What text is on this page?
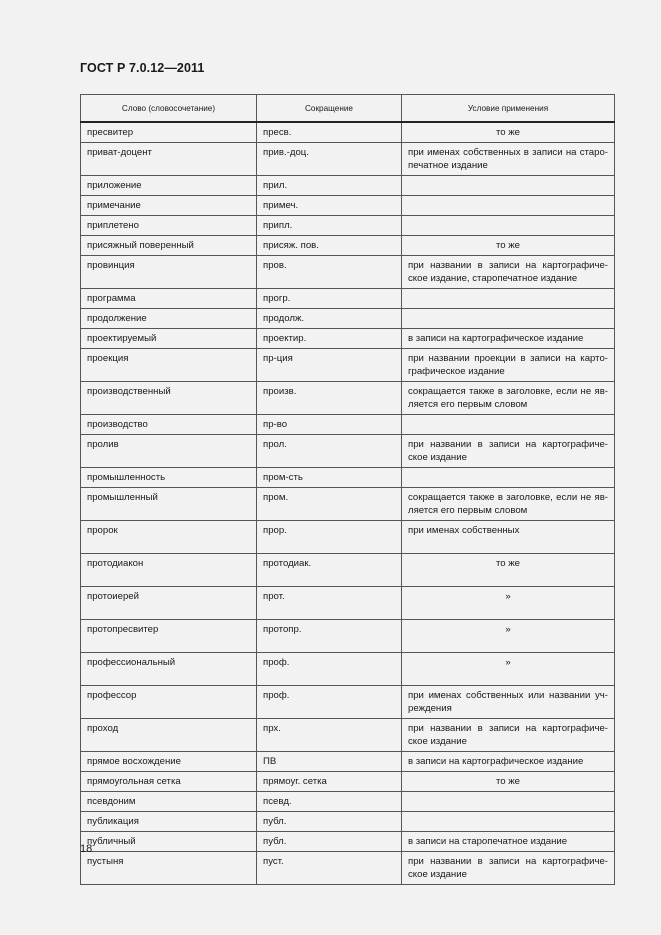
ГОСТ Р 7.0.12—2011
Слово (словосочетание)	Сокращение	Условие применения
пресвитер	пресв.	то же
приват-доцент	прив.-доц.	при именах собственных в записи на старо-печатное издание
приложение	прил.	
примечание	примеч.	
приплетено	припл.	
присяжный поверенный	присяж. пов.	то же
провинция	пров.	при названии в записи на картографиче-ское издание, старопечатное издание
программа	прогр.	
продолжение	продолж.	
проектируемый	проектир.	в записи на картографическое издание
проекция	пр-ция	при названии проекции в записи на карто-графическое издание
производственный	произв.	сокращается также в заголовке, если не яв-ляется его первым словом
производство	пр-во	
пролив	прол.	при названии в записи на картографиче-ское издание
промышленность	пром-сть	
промышленный	пром.	сокращается также в заголовке, если не яв-ляется его первым словом
пророк	прор.	при именах собственных
протодиакон	протодиак.	то же
протоиерей	прот.	»
протопресвитер	протопр.	»
профессиональный	проф.	»
профессор	проф.	при именах собственных или названии уч-реждения
проход	прх.	при названии в записи на картографиче-ское издание
прямое восхождение	ПВ	в записи на картографическое издание
прямоугольная сетка	прямоуг. сетка	то же
псевдоним	псевд.	
публикация	публ.	
публичный	публ.	в записи на старопечатное издание
пустыня	пуст.	при названии в записи на картографиче-ское издание
18
